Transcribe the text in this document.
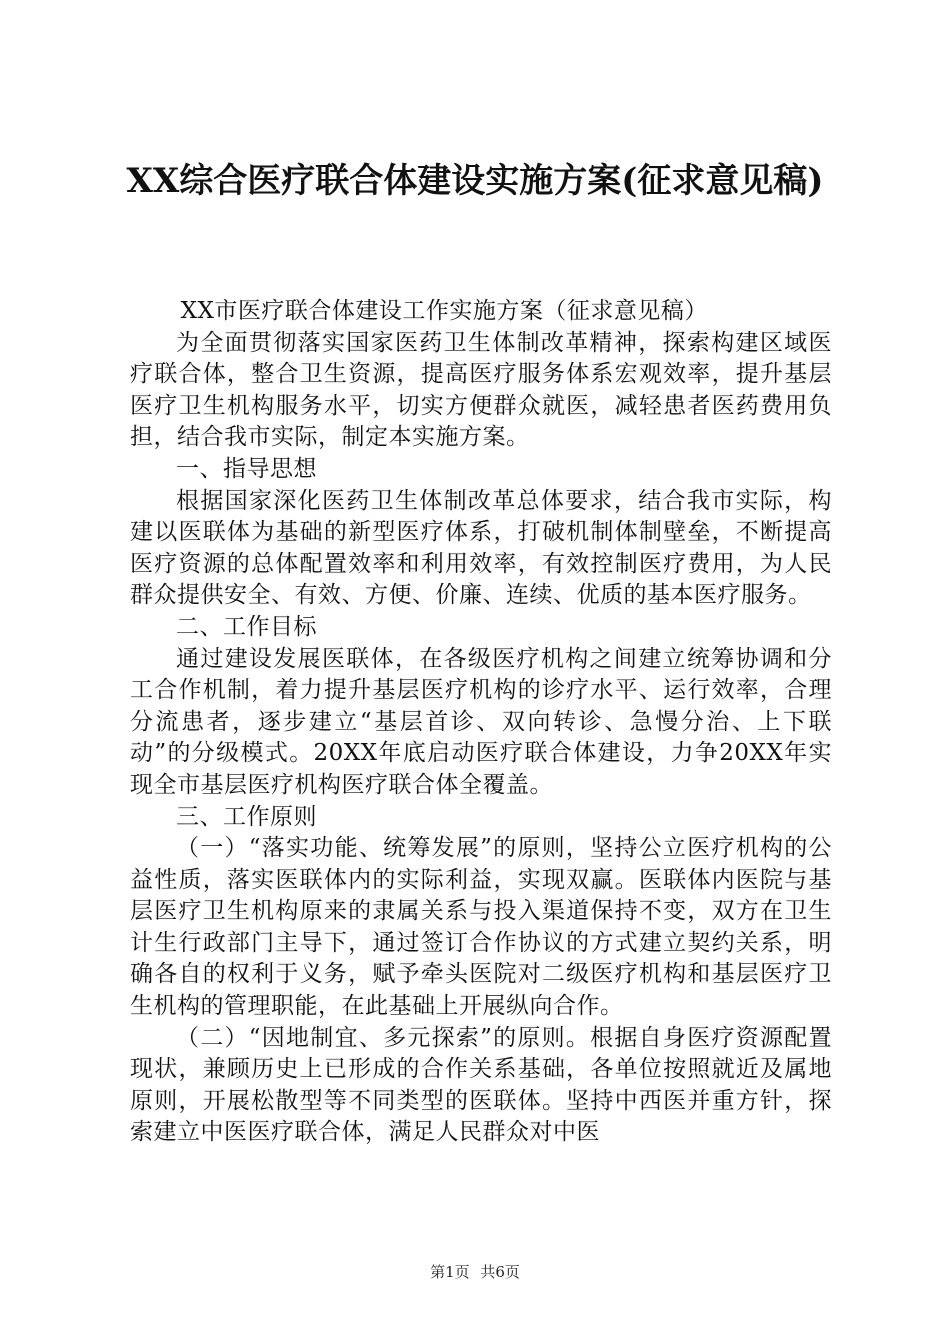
XX综合医疗联合体建设实施方案(征求意见稿)

XX市医疗联合体建设工作实施方案（征求意见稿）

为全面贯彻落实国家医药卫生体制改革精神，探索构建区域医疗联合体，整合卫生资源，提高医疗服务体系宏观效率，提升基层医疗卫生机构服务水平，切实方便群众就医，减轻患者医药费用负担，结合我市实际，制定本实施方案。

一、指导思想

根据国家深化医药卫生体制改革总体要求，结合我市实际，构建以医联体为基础的新型医疗体系，打破机制体制壁垒，不断提高医疗资源的总体配置效率和利用效率，有效控制医疗费用，为人民群众提供安全、有效、方便、价廉、连续、优质的基本医疗服务。

二、工作目标

通过建设发展医联体，在各级医疗机构之间建立统筹协调和分工合作机制，着力提升基层医疗机构的诊疗水平、运行效率，合理分流患者，逐步建立“基层首诊、双向转诊、急慢分治、上下联动”的分级模式。20XX年底启动医疗联合体建设，力争20XX年实现全市基层医疗机构医疗联合体全覆盖。

三、工作原则

（一）“落实功能、统筹发展”的原则，坚持公立医疗机构的公益性质，落实医联体内的实际利益，实现双赢。医联体内医院与基层医疗卫生机构原来的隶属关系与投入渠道保持不变，双方在卫生计生行政部门主导下，通过签订合作协议的方式建立契约关系，明确各自的权利于义务，赋予牵头医院对二级医疗机构和基层医疗卫生机构的管理职能，在此基础上开展纵向合作。

（二）“因地制宜、多元探索”的原则。根据自身医疗资源配置现状，兼顾历史上已形成的合作关系基础，各单位按照就近及属地原则，开展松散型等不同类型的医联体。坚持中西医并重方针，探索建立中医医疗联合体，满足人民群众对中医

第1页 共6页
